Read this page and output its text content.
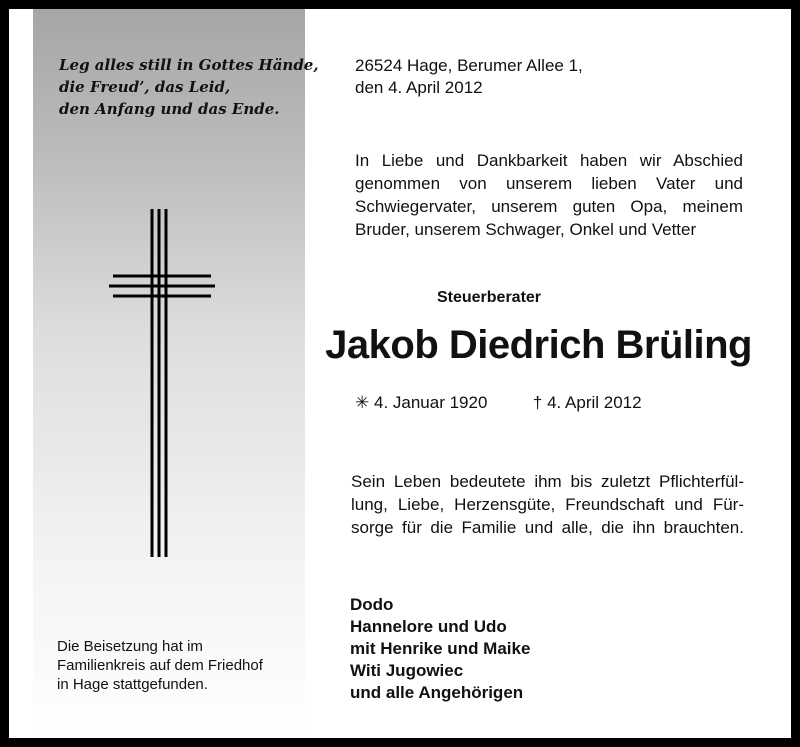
Leg alles still in Gottes Hände,
die Freud’, das Leid,
den Anfang und das Ende.
Die Beisetzung hat im
Familienkreis auf dem Friedhof
in Hage stattgefunden.
26524 Hage, Berumer Allee 1,
den 4. April 2012
In Liebe und Dankbarkeit haben wir Abschied
genommen von unserem lieben Vater und
Schwiegervater, unserem guten Opa, meinem
Bruder, unserem Schwager, Onkel und Vetter
Steuerberater
Jakob Diedrich Brüling
✳ 4. Januar 1920	† 4. April 2012
Sein Leben bedeutete ihm bis zuletzt Pflichterfül-
lung, Liebe, Herzensgüte, Freundschaft und Für-
sorge für die Familie und alle, die ihn brauchten.
Dodo
Hannelore und Udo
mit Henrike und Maike
Witi Jugowiec
und alle Angehörigen
